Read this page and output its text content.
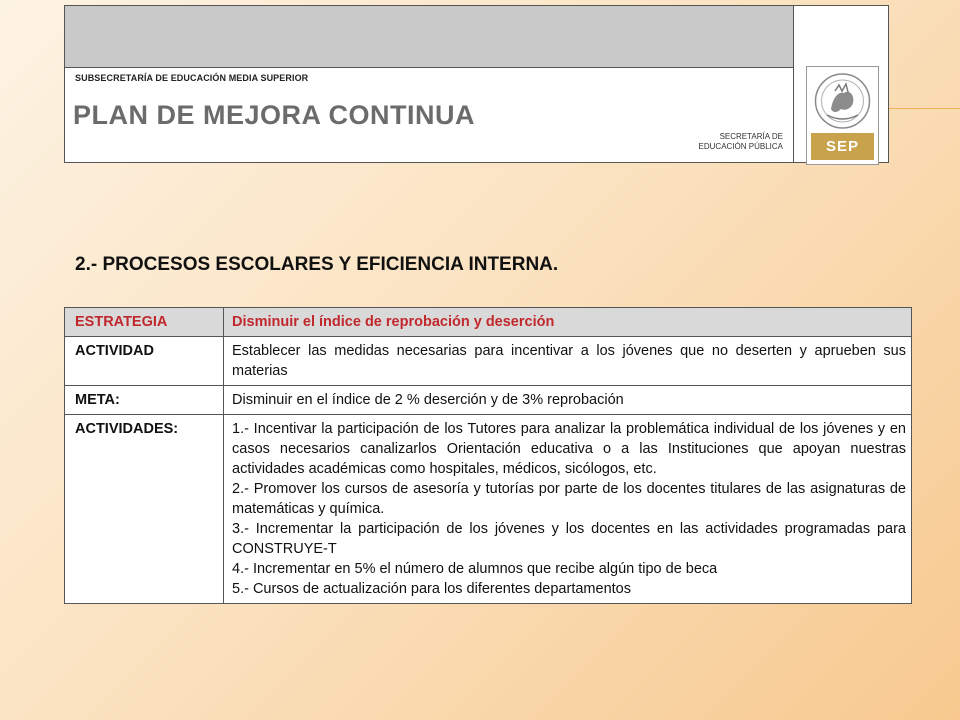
SUBSECRETARÍA DE EDUCACIÓN MEDIA SUPERIOR
PLAN DE MEJORA CONTINUA
SECRETARÍA DE
EDUCACIÓN PÚBLICA	SEP
2.- PROCESOS ESCOLARES Y EFICIENCIA INTERNA.
ESTRATEGIA	Disminuir el índice de reprobación y deserción
ACTIVIDAD	Establecer las medidas necesarias para incentivar a los jóvenes que no deserten y aprueben sus materias
META:	Disminuir en el índice de 2 % deserción y de 3% reprobación
ACTIVIDADES:	1.- Incentivar la participación de los Tutores para analizar la problemática individual de los jóvenes y en casos necesarios canalizarlos Orientación educativa o a las Instituciones que apoyan nuestras actividades académicas como hospitales, médicos, sicólogos, etc.
2.- Promover los cursos de asesoría y tutorías por parte de los docentes titulares de las asignaturas de matemáticas y química.
3.- Incrementar la participación de los jóvenes y los docentes en las actividades programadas para CONSTRUYE-T
4.- Incrementar en 5% el número de alumnos que recibe algún tipo de beca
5.- Cursos de actualización para los diferentes departamentos
